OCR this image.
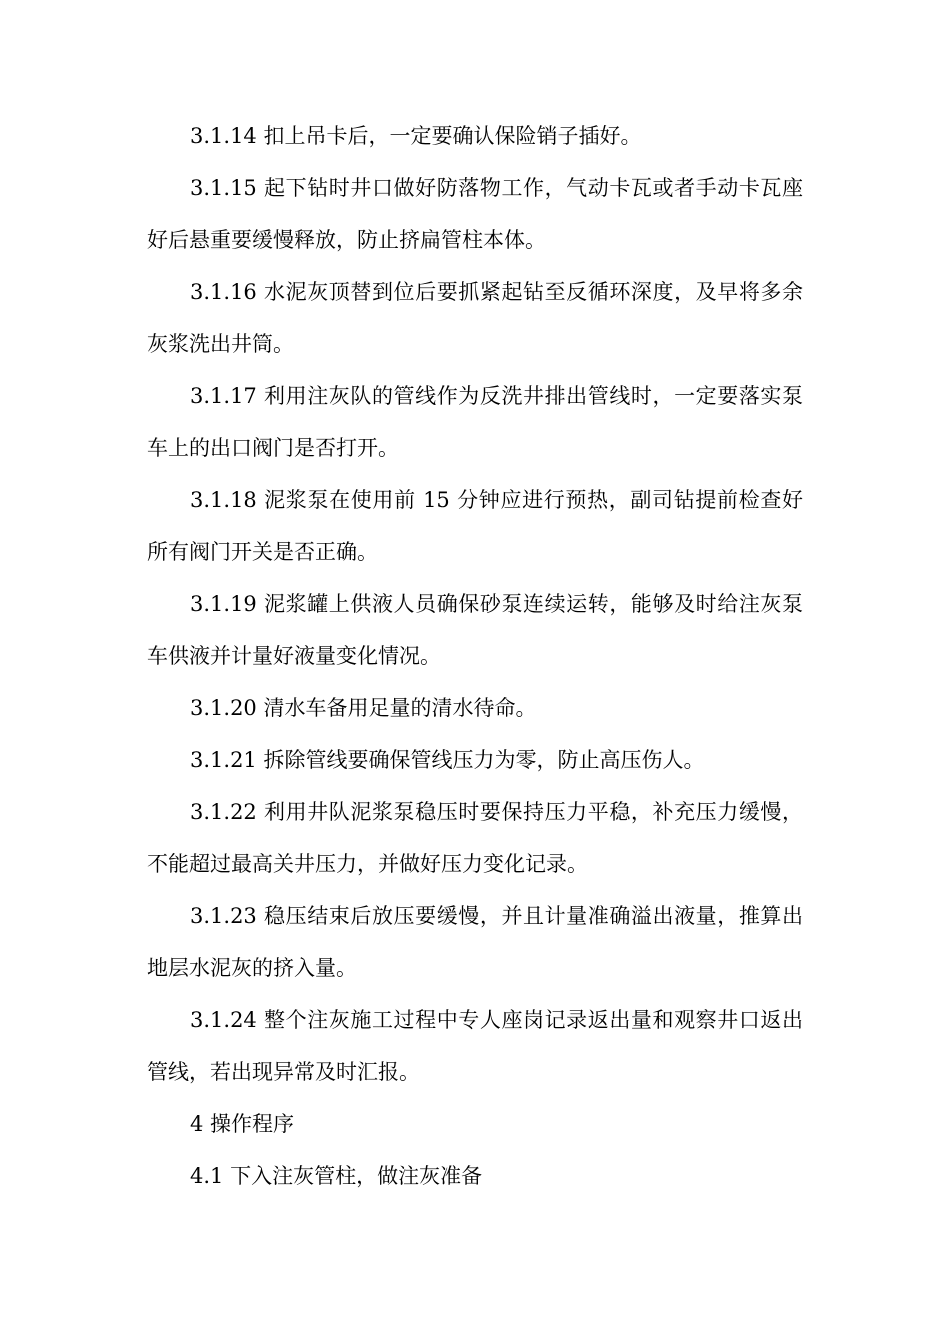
3.1.14 扣上吊卡后，一定要确认保险销子插好。

3.1.15 起下钻时井口做好防落物工作，气动卡瓦或者手动卡瓦座好后悬重要缓慢释放，防止挤扁管柱本体。

3.1.16 水泥灰顶替到位后要抓紧起钻至反循环深度，及早将多余灰浆洗出井筒。

3.1.17 利用注灰队的管线作为反洗井排出管线时，一定要落实泵车上的出口阀门是否打开。

3.1.18 泥浆泵在使用前 15 分钟应进行预热，副司钻提前检查好所有阀门开关是否正确。

3.1.19 泥浆罐上供液人员确保砂泵连续运转，能够及时给注灰泵车供液并计量好液量变化情况。

3.1.20 清水车备用足量的清水待命。

3.1.21 拆除管线要确保管线压力为零，防止高压伤人。

3.1.22 利用井队泥浆泵稳压时要保持压力平稳，补充压力缓慢，不能超过最高关井压力，并做好压力变化记录。

3.1.23 稳压结束后放压要缓慢，并且计量准确溢出液量，推算出地层水泥灰的挤入量。

3.1.24 整个注灰施工过程中专人座岗记录返出量和观察井口返出管线，若出现异常及时汇报。

4 操作程序

4.1 下入注灰管柱，做注灰准备
